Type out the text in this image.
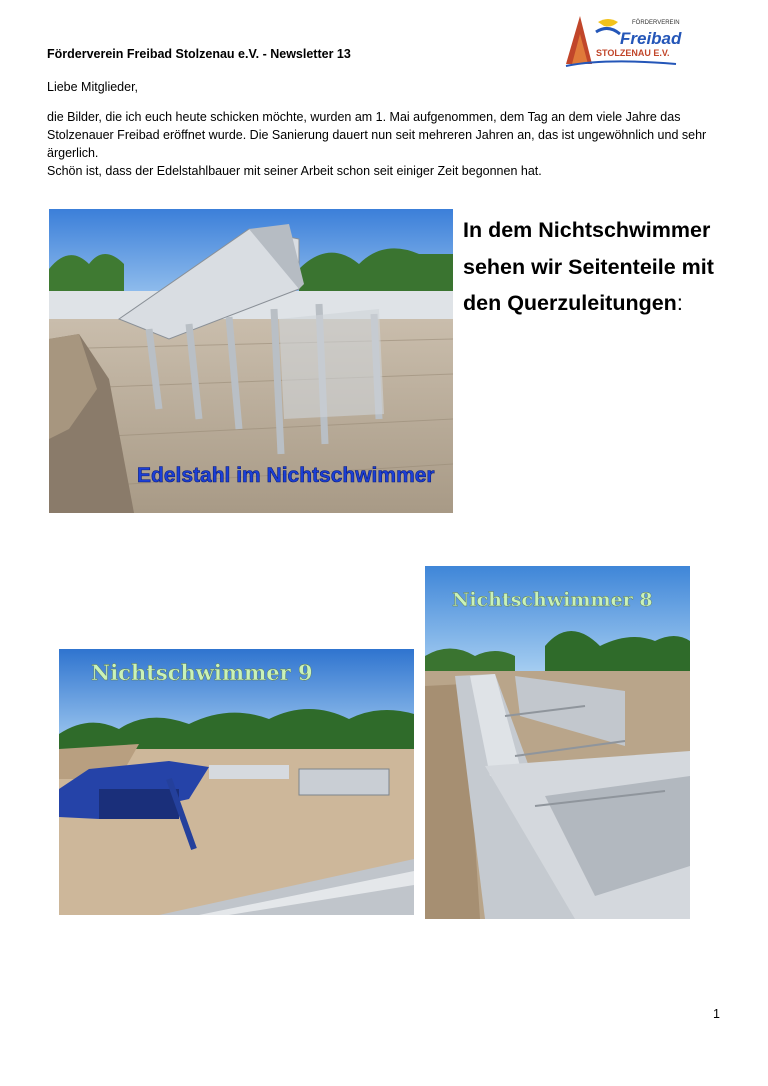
Förderverein Freibad Stolzenau e.V. - Newsletter 13
FÖRDERVEREIN
Freibad
STOLZENAU E.V.
Liebe Mitglieder,

die Bilder, die ich euch heute schicken möchte, wurden am 1. Mai aufgenommen, dem Tag an dem viele Jahre das Stolzenauer Freibad eröffnet wurde. Die Sanierung dauert nun seit mehreren Jahren an, das ist ungewöhnlich und sehr ärgerlich.

Schön ist, dass der Edelstahlbauer mit seiner Arbeit schon seit einiger Zeit begonnen hat.

Edelstahl im Nichtschwimmer
In dem Nichtschwimmer sehen wir Seitenteile mit den Querzuleitungen:
Nichtschwimmer 8
Nichtschwimmer 9
1
